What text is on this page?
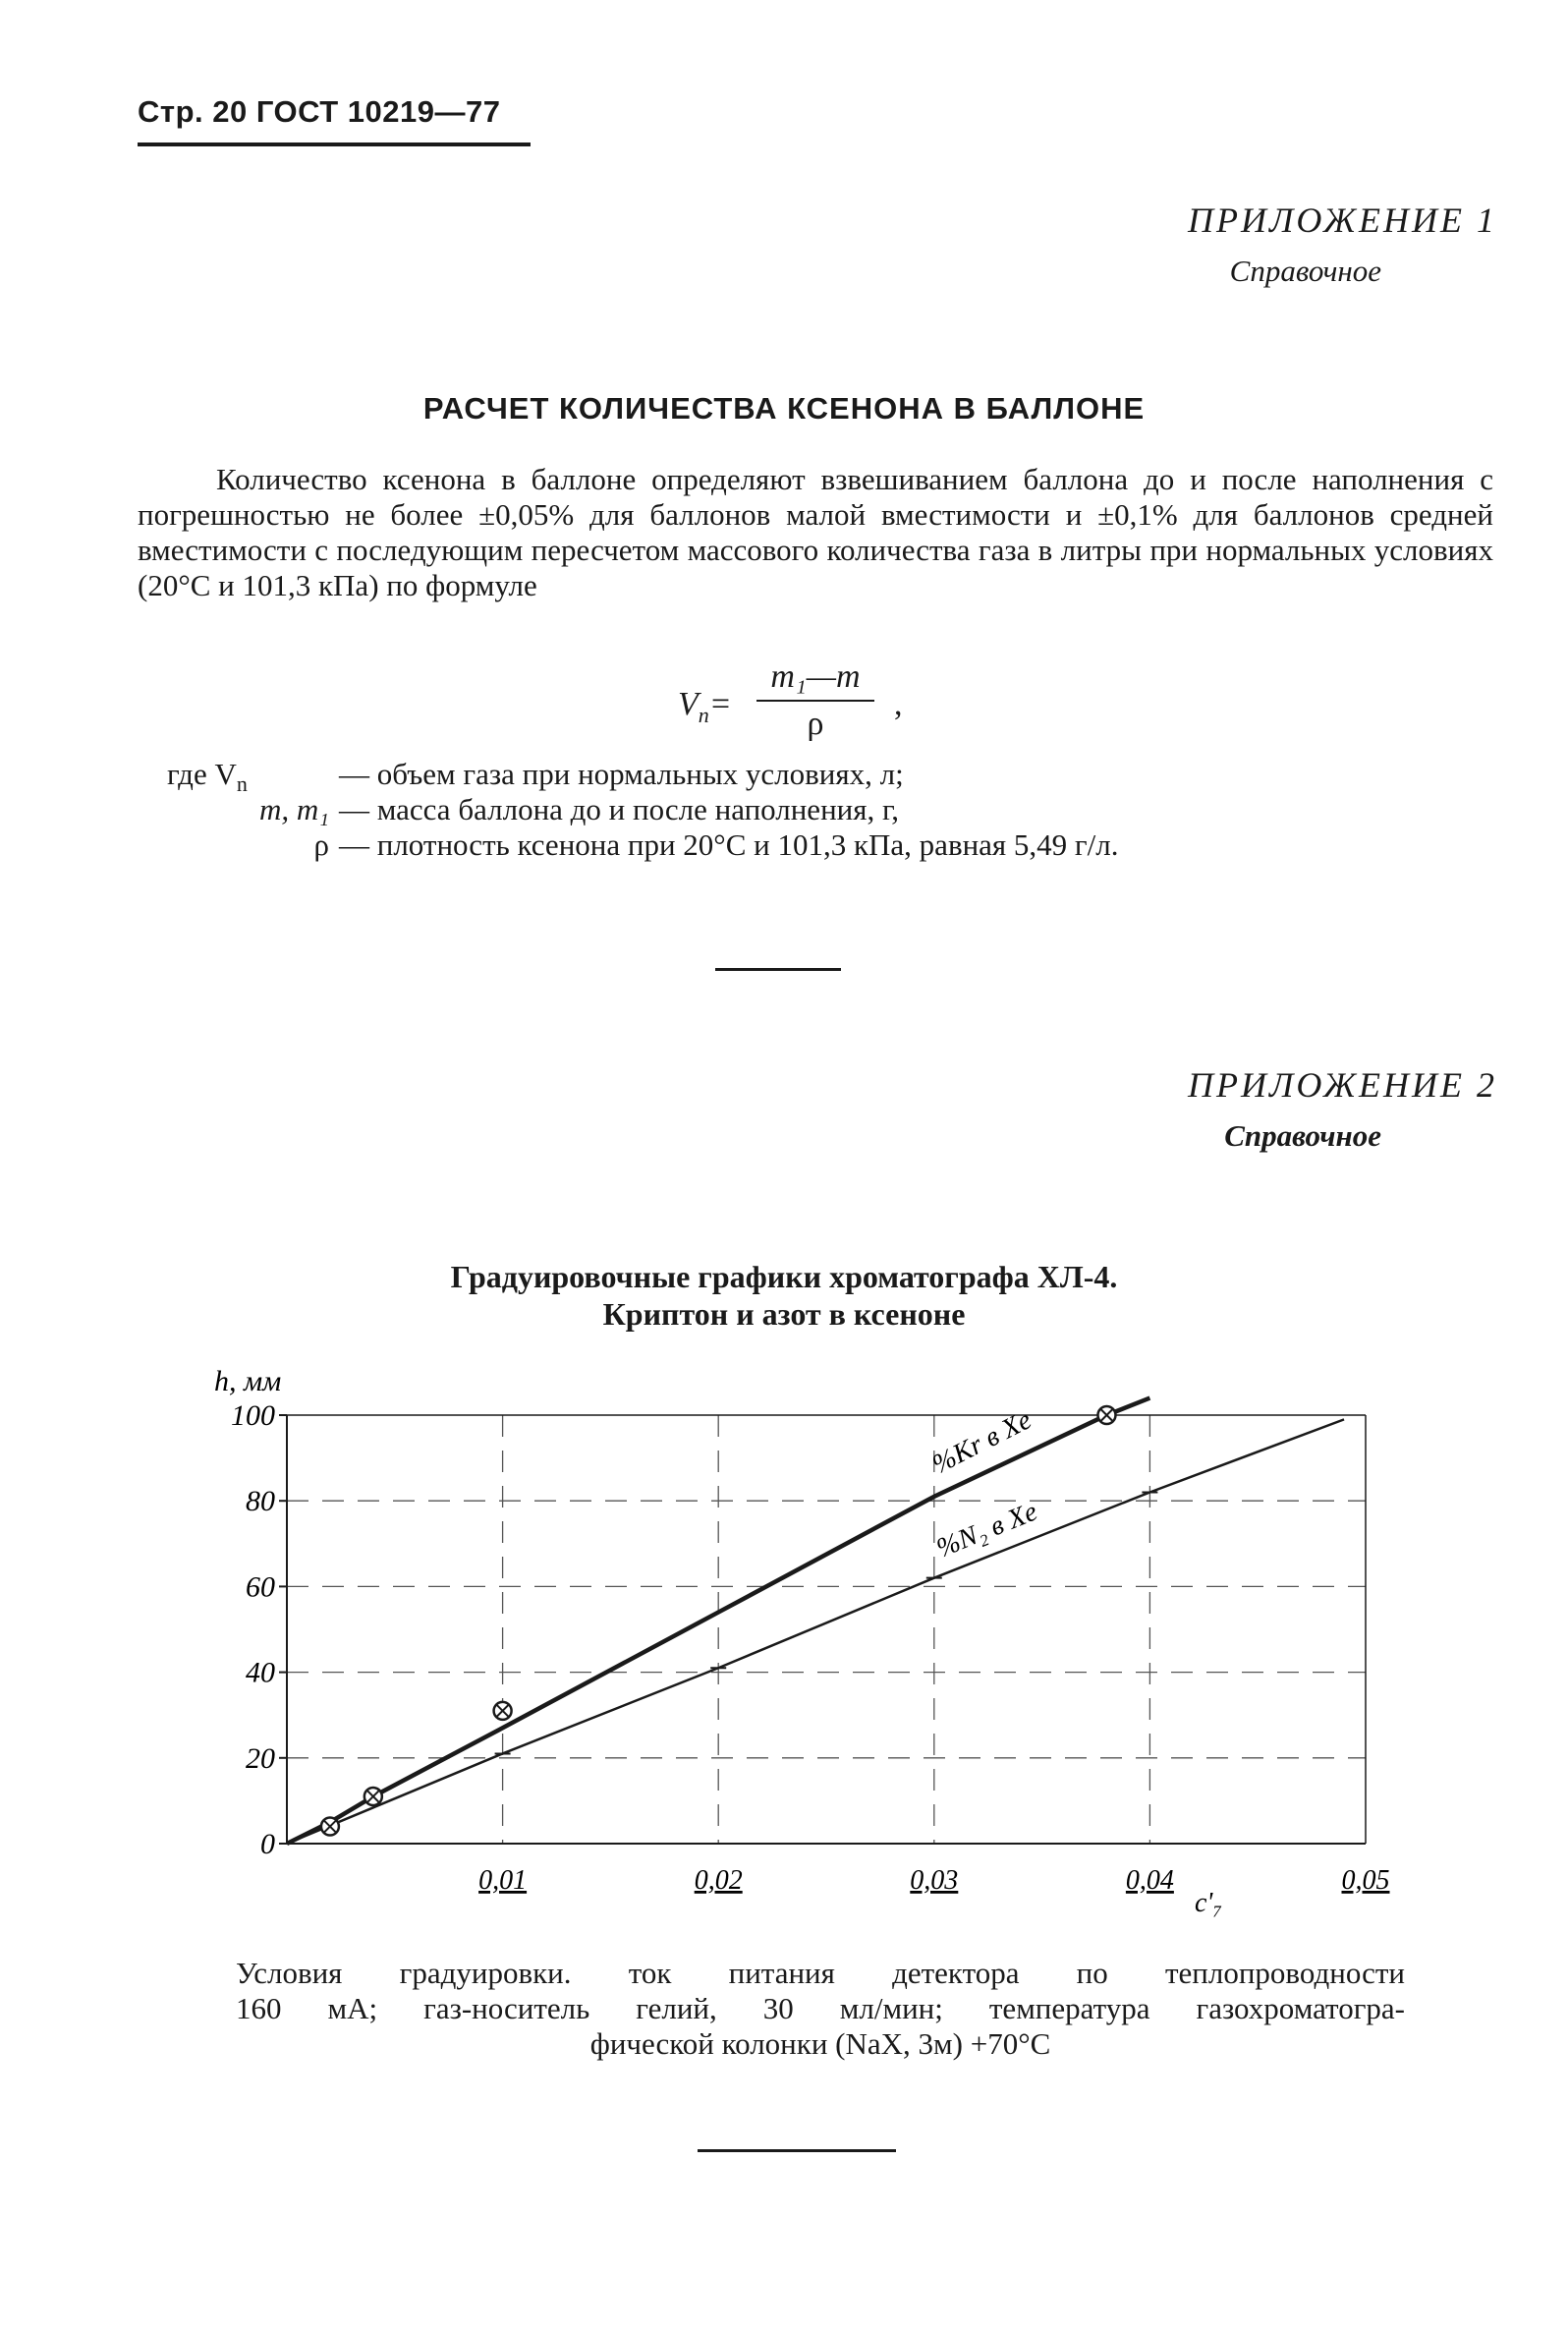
Стр. 20 ГОСТ 10219—77
ПРИЛОЖЕНИЕ 1
Справочное
РАСЧЕТ КОЛИЧЕСТВА КСЕНОНА В БАЛЛОНЕ
Количество ксенона в баллоне определяют взвешиванием баллона до и после наполнения с погрешностью не более ±0,05% для баллонов малой вместимости и ±0,1% для баллонов средней вместимости с последующим пересчетом массового количества газа в литры при нормальных условиях (20°С и 101,3 кПа) по формуле
$V_n=$
m₁—m
ρ
,
где $V_n$	— объем газа при нормальных условиях, л;
m, m₁ — масса баллона до и после наполнения, г,
ρ — плотность ксенона при 20°С и 101,3 кПа, равная 5,49 г/л.
ПРИЛОЖЕНИЕ 2
Справочное
Градуировочные графики хроматографа ХЛ-4.
Криптон и азот в ксеноне
0
20
40
60
80
100
0,01	0,02	0,03	0,04	0,05
h, мм
c'₇
%Kr в Xe
%N₂ в Xe
Условия градуировки. ток питания детектора по теплопроводности
160 мА; газ-носитель гелий, 30 мл/мин; температура газохроматогра-
фической колонки (NaX, 3м) +70°С
